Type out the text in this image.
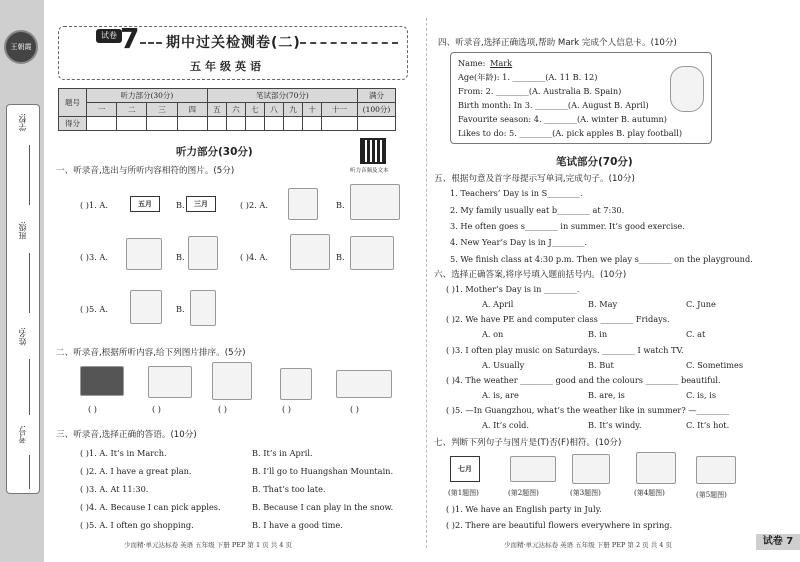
王朝霞
学校:
班级:
姓名:
考号:
试卷 7 期中过关检测卷(二)
五年级英语
题号	听力部分(30分)				笔试部分(70分)							满分
	一	二	三	四	五	六	七	八	九	十	十一	(100分)
得分												
听力部分(30分)
听力音频及文本
一、听录音,选出与所听内容相符的图片。(5分)
( )1. A.	五月	B.	三月	( )2. A.	B.
( )3. A.	B.	( )4. A.	B.
( )5. A.	B.
二、听录音,根据所听内容,给下列图片排序。(5分)
( )	( )	( )	( )	( )
三、听录音,选择正确的答语。(10分)
( )1. A. It’s in March.	B. It’s in April.
( )2. A. I have a great plan.	B. I’ll go to Huangshan Mountain.
( )3. A. At 11:30.	B. That’s too late.
( )4. A. Because I can pick apples.	B. Because I can play in the snow.
( )5. A. I often go shopping.	B. I have a good time.
少而精·单元达标卷 英语 五年级 下册 PEP 第 1 页 共 4 页
四、听录音,选择正确选项,帮助 Mark 完成个人信息卡。(10分)
Name: Mark
Age(年龄): 1. ________(A. 11 B. 12)
From: 2. ________(A. Australia B. Spain)
Birth month: In 3. ________(A. August B. April)
Favourite season: 4. ________(A. winter B. autumn)
Likes to do: 5. ________(A. pick apples B. play football)
笔试部分(70分)
五、根据句意及首字母提示写单词,完成句子。(10分)
1. Teachers’ Day is in S________.
2. My family usually eat b________ at 7:30.
3. He often goes s________ in summer. It’s good exercise.
4. New Year’s Day is in J________.
5. We finish class at 4:30 p.m. Then we play s________ on the playground.
六、选择正确答案,将序号填入题前括号内。(10分)
( )1. Mother’s Day is in ________.
A. April	B. May	C. June
( )2. We have PE and computer class ________ Fridays.
A. on	B. in	C. at
( )3. I often play music on Saturdays. ________ I watch TV.
A. Usually	B. But	C. Sometimes
( )4. The weather ________ good and the colours ________ beautiful.
A. is, are	B. are, is	C. is, is
( )5. —In Guangzhou, what’s the weather like in summer? —________
A. It’s cold.	B. It’s windy.	C. It’s hot.
七、判断下列句子与图片是(T)否(F)相符。(10分)
七月
(第1题图)	(第2题图)	(第3题图)	(第4题图)	(第5题图)
( )1. We have an English party in July.
( )2. There are beautiful flowers everywhere in spring.
少而精·单元达标卷 英语 五年级 下册 PEP 第 2 页 共 4 页	试卷 7
